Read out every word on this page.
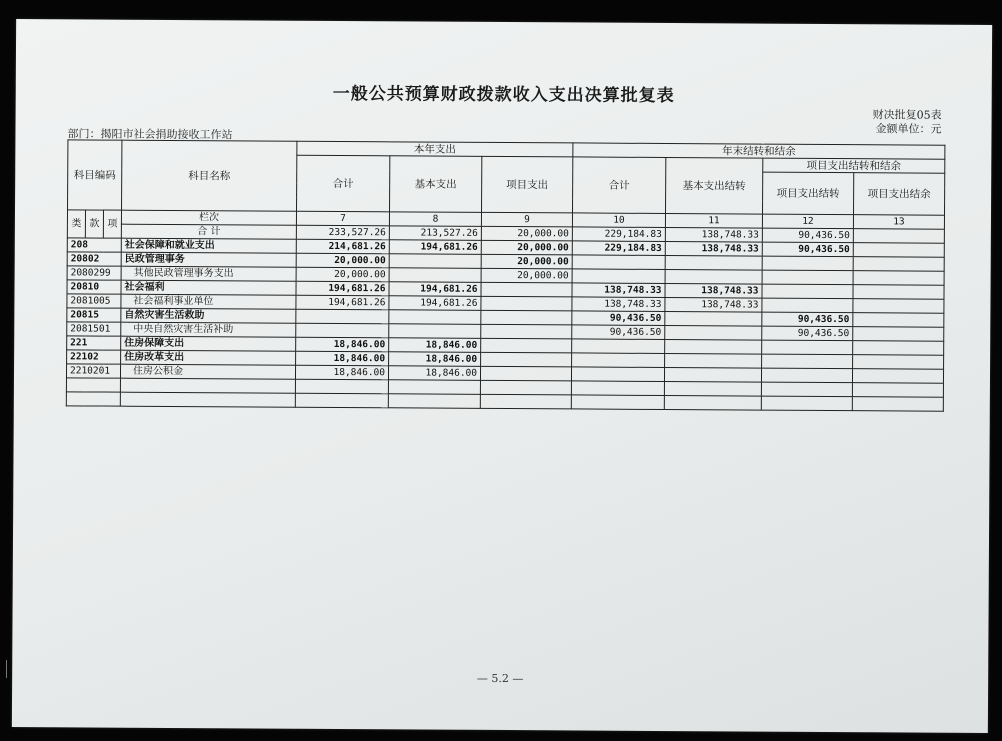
一般公共预算财政拨款收入支出决算批复表
财决批复05表
金额单位：元
部门：揭阳市社会捐助接收工作站
科目编码			科目名称	本年支出			年末结转和结余			
				合计	基本支出	项目支出	合计	基本支出结转	项目支出结转和结余	
									项目支出结转	项目支出结余

类	款	项	栏次	7	8	9	10	11	12	13
			合 计	233,527.26	213,527.26	20,000.00	229,184.83	138,748.33	90,436.50	
208			社会保障和就业支出	214,681.26	194,681.26	20,000.00	229,184.83	138,748.33	90,436.50	
20802			民政管理事务	20,000.00		20,000.00				
2080299			其他民政管理事务支出	20,000.00		20,000.00				
20810			社会福利	194,681.26	194,681.26		138,748.33	138,748.33		
2081005			社会福利事业单位	194,681.26	194,681.26		138,748.33	138,748.33		
20815			自然灾害生活救助				90,436.50		90,436.50	
2081501			中央自然灾害生活补助				90,436.50		90,436.50	
221			住房保障支出	18,846.00	18,846.00					
22102			住房改革支出	18,846.00	18,846.00					
2210201			住房公积金	18,846.00	18,846.00					

— 5.2 —
